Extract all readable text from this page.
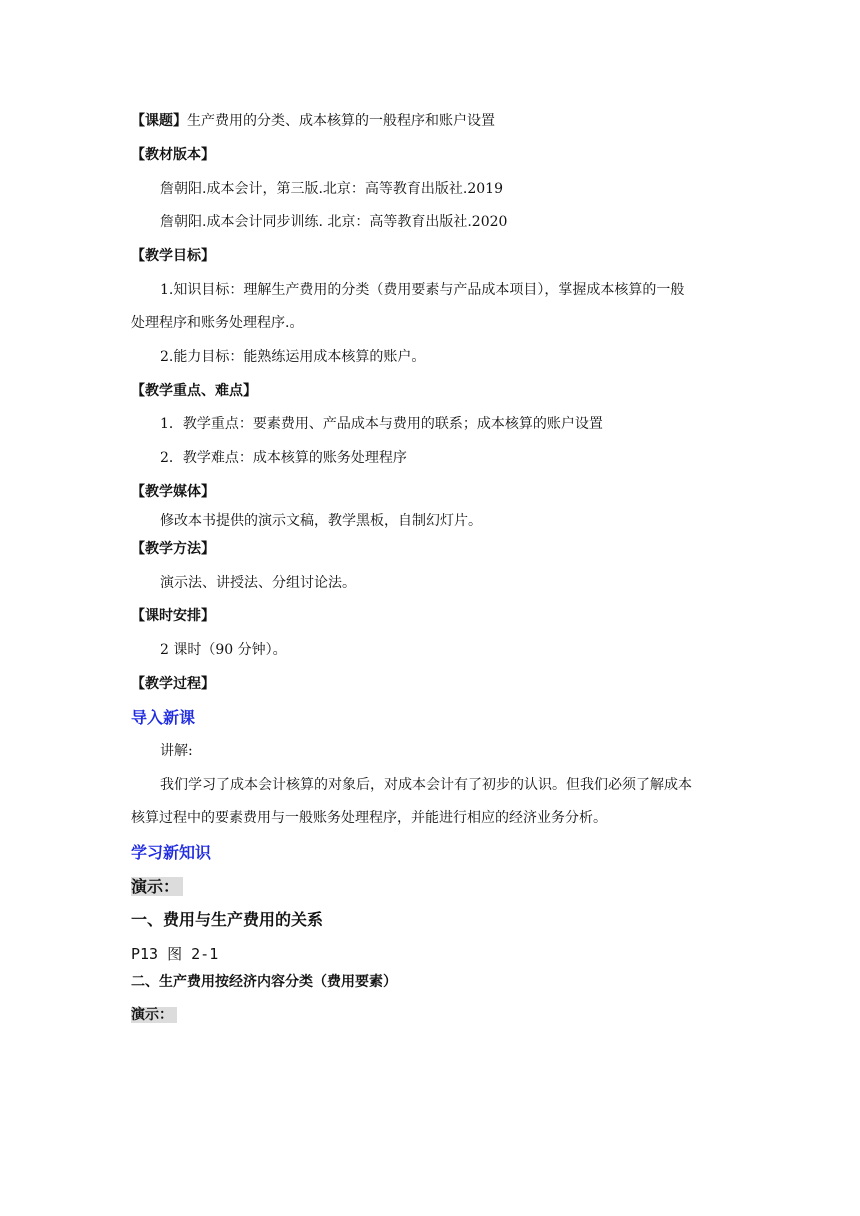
【课题】生产费用的分类、成本核算的一般程序和账户设置
【教材版本】
詹朝阳.成本会计，第三版.北京：高等教育出版社.2019
詹朝阳.成本会计同步训练. 北京：高等教育出版社.2020
【教学目标】
1.知识目标：理解生产费用的分类（费用要素与产品成本项目），掌握成本核算的一般
处理程序和账务处理程序.。
2.能力目标：能熟练运用成本核算的账户。
【教学重点、难点】
1．教学重点：要素费用、产品成本与费用的联系；成本核算的账户设置
2．教学难点：成本核算的账务处理程序
【教学媒体】
修改本书提供的演示文稿，教学黑板，自制幻灯片。
【教学方法】
演示法、讲授法、分组讨论法。
【课时安排】
2 课时（90 分钟）。
【教学过程】
导入新课
讲解:
我们学习了成本会计核算的对象后，对成本会计有了初步的认识。但我们必须了解成本
核算过程中的要素费用与一般账务处理程序，并能进行相应的经济业务分析。
学习新知识
演示：
一、费用与生产费用的关系
P13 图 2-1
二、生产费用按经济内容分类（费用要素）
演示：
